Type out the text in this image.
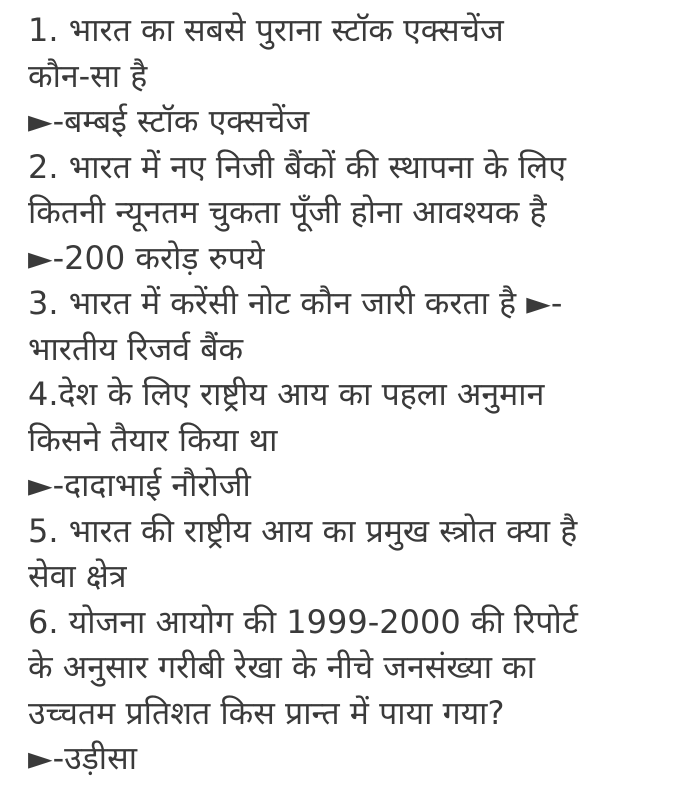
1. भारत का सबसे पुराना स्टॉक एक्सचेंज
कौन-सा है
►-बम्बई स्टॉक एक्सचेंज
2. भारत में नए निजी बैंकों की स्थापना के लिए
कितनी न्यूनतम चुकता पूँजी होना आवश्यक है
►-200 करोड़ रुपये
3. भारत में करेंसी नोट कौन जारी करता है ►-
भारतीय रिजर्व बैंक
4.देश के लिए राष्ट्रीय आय का पहला अनुमान
किसने तैयार किया था
►-दादाभाई नौरोजी
5. भारत की राष्ट्रीय आय का प्रमुख स्त्रोत क्या है
सेवा क्षेत्र
6. योजना आयोग की 1999-2000 की रिपोर्ट
के अनुसार गरीबी रेखा के नीचे जनसंख्या का
उच्चतम प्रतिशत किस प्रान्त में पाया गया?
►-उड़ीसा
